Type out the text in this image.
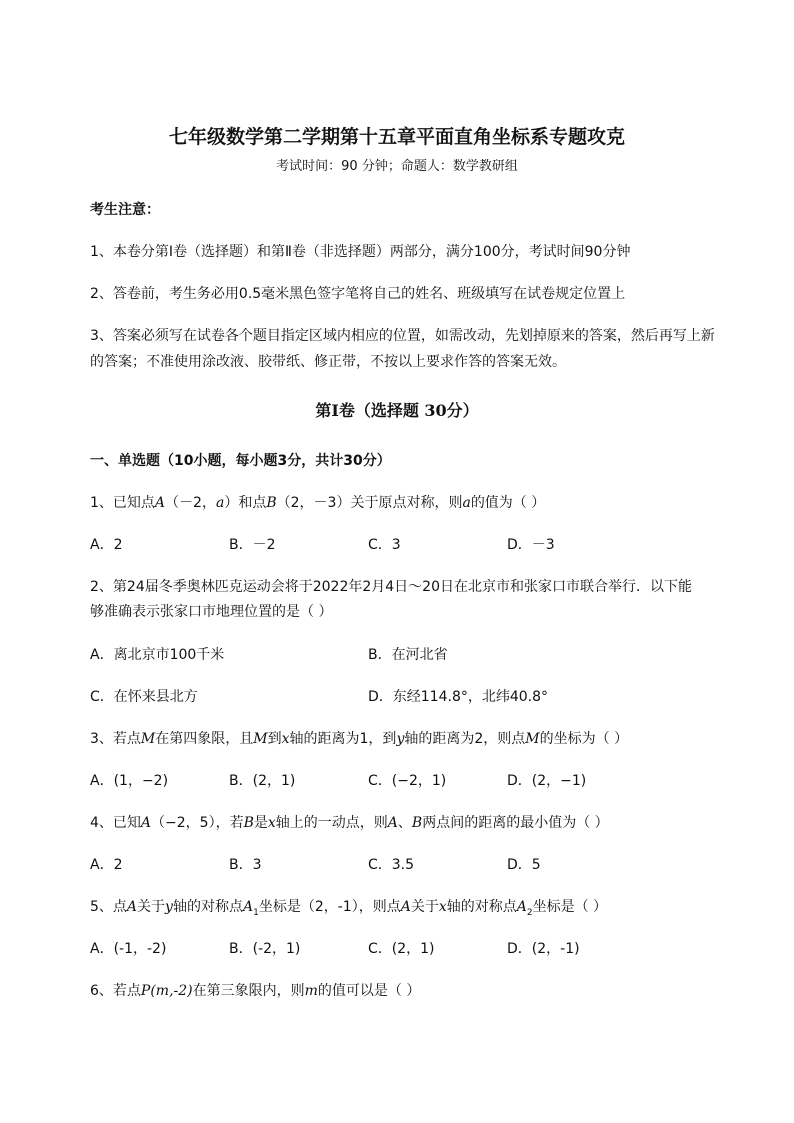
七年级数学第二学期第十五章平面直角坐标系专题攻克
考试时间：90 分钟；命题人：数学教研组
考生注意：
1、本卷分第I卷（选择题）和第Ⅱ卷（非选择题）两部分，满分100分，考试时间90分钟
2、答卷前，考生务必用0.5毫米黑色签字笔将自己的姓名、班级填写在试卷规定位置上
3、答案必须写在试卷各个题目指定区域内相应的位置，如需改动，先划掉原来的答案，然后再写上新
的答案；不准使用涂改液、胶带纸、修正带，不按以上要求作答的答案无效。
第I卷（选择题 30分）
一、单选题（10小题，每小题3分，共计30分）
1、已知点A（－2，a）和点B（2，－3）关于原点对称，则a的值为（ ）
A．2	B．－2	C．3	D．－3
2、第24届冬季奥林匹克运动会将于2022年2月4日～20日在北京市和张家口市联合举行．以下能
够准确表示张家口市地理位置的是（ ）
A．离北京市100千米	B．在河北省
C．在怀来县北方	D．东经114.8°，北纬40.8°
3、若点M在第四象限，且M到x轴的距离为1，到y轴的距离为2，则点M的坐标为（ ）
A．(1，−2)	B．(2，1)	C．(−2，1)	D．(2，−1)
4、已知A（−2，5），若B是x轴上的一动点，则A、B两点间的距离的最小值为（ ）
A．2	B．3	C．3.5	D．5
5、点A关于y轴的对称点$A_1$坐标是（2，-1），则点A关于x轴的对称点$A_2$坐标是（ ）
A．(-1，-2)	B．(-2，1)	C．(2，1)	D．(2，-1)
6、若点P(m,-2)在第三象限内，则m的值可以是（ ）
